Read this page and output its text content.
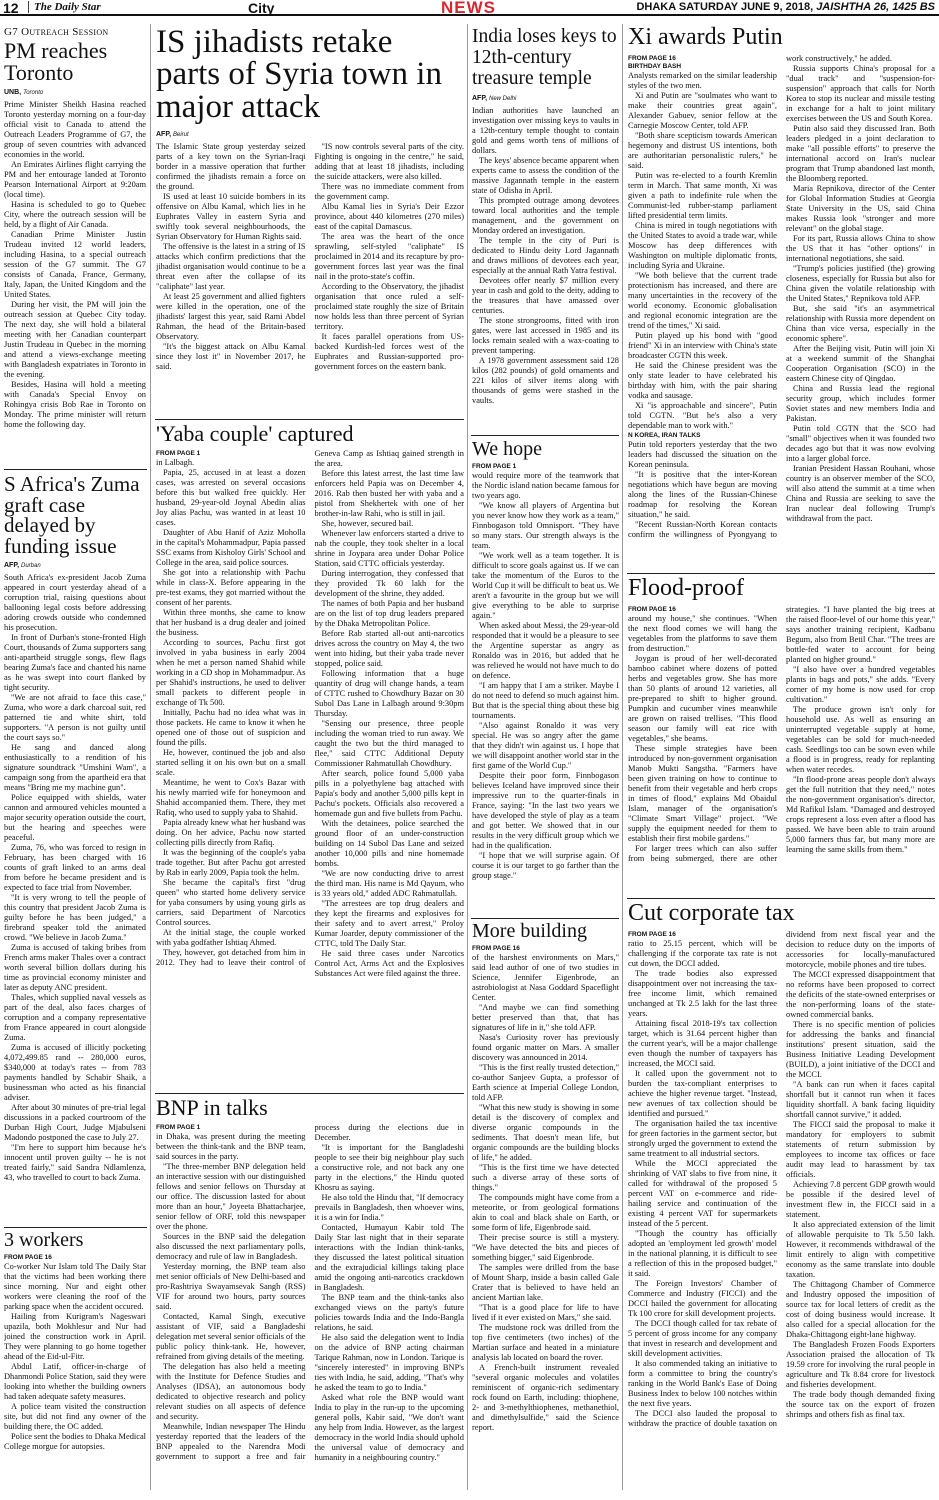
12	The Daily Star	City	NEWS	DHAKA SATURDAY JUNE 9, 2018, JAISHTHA 26, 1425 BS
G7 Outreach Session
PM reaches Toronto
UNB, Toronto

Prime Minister Sheikh Hasina reached Toronto yesterday morning on a four-day official visit to Canada to attend the Outreach Leaders Programme of G7, the group of seven countries with advanced economies in the world.

An Emirates Airlines flight carrying the PM and her entourage landed at Toronto Pearson International Airport at 9:20am (local time).

Hasina is scheduled to go to Quebec City, where the outreach session will be held, by a flight of Air Canada.

Canadian Prime Minister Justin Trudeau invited 12 world leaders, including Hasina, to a special outreach session of the G7 summit. The G7 consists of Canada, France, Germany, Italy, Japan, the United Kingdom and the United States.

During her visit, the PM will join the outreach session at Quebec City today. The next day, she will hold a bilateral meeting with her Canadian counterpart Justin Trudeau in Quebec in the morning and attend a views-exchange meeting with Bangladesh expatriates in Toronto in the evening.

Besides, Hasina will hold a meeting with Canada's Special Envoy on Rohingya crisis Bob Rae in Toronto on Monday. The prime minister will return home the following day.

S Africa's Zuma graft case delayed by funding issue
AFP, Durban

South Africa's ex-president Jacob Zuma appeared in court yesterday ahead of a corruption trial, raising questions about ballooning legal costs before addressing adoring crowds outside who condemned his prosecution.

In front of Durban's stone-fronted High Court, thousands of Zuma supporters sang anti-apartheid struggle songs, flew flags bearing Zuma's face and chanted his name as he was swept into court flanked by tight security.

"We are not afraid to face this case," Zuma, who wore a dark charcoal suit, red patterned tie and white shirt, told supporters. "A person is not guilty until the court says so."

He sang and danced along enthusiastically to a rendition of his signature soundtrack "Umshini Wam", a campaign song from the apartheid era that means "Bring me my machine gun".

Police equipped with shields, water cannon and armoured vehicles mounted a major security operation outside the court, but the hearing and speeches were peaceful.

Zuma, 76, who was forced to resign in February, has been charged with 16 counts of graft linked to an arms deal from before he became president and is expected to face trial from November.

"It is very wrong to tell the people of this country that president Jacob Zuma is guilty before he has been judged," a firebrand speaker told the animated crowd. "We believe in Jacob Zuma."

Zuma is accused of taking bribes from French arms maker Thales over a contract worth several billion dollars during his time as provincial economy minister and later as deputy ANC president.

Thales, which supplied naval vessels as part of the deal, also faces charges of corruption and a company representative from France appeared in court alongside Zuma.

Zuma is accused of illicitly pocketing 4,072,499.85 rand -- 280,000 euros, $340,000 at today's rates -- from 783 payments handled by Schabir Shaik, a businessman who acted as his financial adviser.

After about 30 minutes of pre-trial legal discussions in a packed courtroom of the Durban High Court, Judge Mjabulseni Madondo postponed the case to July 27.

"I'm here to support him because he's innocent until proven guilty -- he is not treated fairly," said Sandra Ndlamlenza, 43, who travelled to court to back Zuma.

3 workers
FROM PAGE 16

Co-worker Nur Islam told The Daily Star that the victims had been working there since morning. Nur and eight other workers were cleaning the roof of the parking space when the accident occured.

Hailing from Kurigram's Nageswari upazila, both Mokhlesur and Nur had joined the construction work in April. They were planning to go home together ahead of the Eid-ul-Fitr.

Abdul Latif, officer-in-charge of Dhanmondi Police Station, said they were looking into whether the building owners had taken adequate safety measures.

A police team visited the construction site, but did not find any owner of the building there, the OC added.

Police sent the bodies to Dhaka Medical College morgue for autopsies.

IS jihadists retake parts of Syria town in major attack
AFP, Beirut

The Islamic State group yesterday seized parts of a key town on the Syrian-Iraqi border in a massive operation that further confirmed the jihadists remain a force on the ground.

IS used at least 10 suicide bombers in its offensive on Albu Kamal, which lies in he Euphrates Valley in eastern Syria and swiftly took several neighbourhoods, the Syrian Observatory for Human Rights said.

The offensive is the latest in a string of IS attacks which confirm predictions that the jihadist organisation would continue to be a threat even after the collapse of its "caliphate" last year.

At least 25 government and allied fighters were killed in the operation, one of the jihadists' largest this year, said Rami Abdel Rahman, the head of the Britain-based Observatory.

"It's the biggest attack on Albu Kamal since they lost it" in November 2017, he said.

"IS now controls several parts of the city. Fighting is ongoing in the centre," he said, adding that at least 18 jihadists, including the suicide attackers, were also killed.

There was no immediate comment from the government camp.

Albu Kamal lies in Syria's Deir Ezzor province, about 440 kilometres (270 miles) east of the capital Damascus.

The area was the heart of the once sprawling, self-styled "caliphate" IS proclaimed in 2014 and its recapture by pro-government forces last year was the final nail in the proto-state's coffin.

According to the Observatory, the jihadist organisation that once ruled a self-proclaimed state roughly the size of Britain now holds less than three percent of Syrian territory.

It faces parallel operations from US-backed Kurdish-led forces west of the Euphrates and Russian-supported pro-government forces on the eastern bank.

'Yaba couple' captured
FROM PAGE 1

in Lalbagh.

Papia, 25, accused in at least a dozen cases, was arrested on several occasions before this but walked free quickly. Her husband, 29-year-old Joynal Abedin alias Joy alias Pachu, was wanted in at least 10 cases.

Daughter of Abu Hanif of Aziz Moholla in the capital's Mohammadpur, Papia passed SSC exams from Kisholoy Girls' School and College in the area, said police sources.

She got into a relationship with Pachu while in class-X. Before appearing in the pre-test exams, they got married without the consent of her parents.

Within three months, she came to know that her husband is a drug dealer and joined the business.

According to sources, Pachu first got involved in yaba business in early 2004 when he met a person named Shahid while working in a CD shop in Mohammadpur. As per Shahid's instructions, he used to deliver small packets to different people in exchange of Tk 500.

Initially, Pachu had no idea what was in those packets. He came to know it when he opened one of those out of suspicion and found the pills.

He, however, continued the job and also started selling it on his own but on a small scale.

Meantime, he went to Cox's Bazar with his newly married wife for honeymoon and Shahid accompanied them. There, they met Rafiq, who used to supply yaba to Shahid.

Papia already knew what her husband was doing. On her advice, Pachu now started collecting pills directly from Rafiq.

It was the beginning of the couple's yaba trade together. But after Pachu got arrested by Rab in early 2009, Papia took the helm.

She became the capital's first "drug queen" who started home delivery service for yaba consumers by using young girls as carriers, said Department of Narcotics Control sources.

At the initial stage, the couple worked with yaba godfather Ishtiaq Ahmed.

They, however, got detached from him in 2012. They had to leave their control of Geneva Camp as Ishtiaq gained strength in the area.

Before this latest arrest, the last time law enforcers held Papia was on December 4, 2016. Rab then busted her with yaba and a pistol from Shekhertek with one of her brother-in-law Rahi, who is still in jail.

She, however, secured bail.

Whenever law enforcers started a drive to nab the couple, they took shelter in a local shrine in Joypara area under Dohar Police Station, said CTTC officials yesterday.

During interrogation, they confessed that they provided Tk 60 lakh for the development of the shrine, they added.

The names of both Papia and her husband are on the list of top drug leaders prepared by the Dhaka Metropolitan Police.

Before Rab started all-out anti-narcotics drives across the country on May 4, the two went into hiding, but their yaba trade never stopped, police said.

Following information that a huge quantity of drug will change hands, a team of CTTC rushed to Chowdhury Bazar on 30 Subol Das Lane in Lalbagh around 9:30pm Thursday.

"Sensing our presence, three people including the woman tried to run away. We caught the two but the third managed to flee," said CTTC Additional Deputy Commissioner Rahmatullah Chowdhury.

After search, police found 5,000 yaba pills in a polyethylene bag attached with Papia's body and another 5,000 pills kept in Pachu's pockets. Officials also recovered a homemade gun and five bullets from Pachu.

With the detainees, police searched the ground floor of an under-construction building on 14 Subol Das Lane and seized another 10,000 pills and nine homemade bombs.

"We are now conducting drive to arrest the third man. His name is Md Qayum, who is 33 years old," added ADC Rahmatullah.

"The arrestees are top drug dealers and they kept the firearms and explosives for their safety and to avert arrest," Proloy Kumar Joarder, deputy commissioner of the CTTC, told The Daily Star.

He said three cases under Narcotics Control Act, Arms Act and the Explosives Substances Act were filed against the three.

BNP in talks
FROM PAGE 1

in Dhaka, was present during the meeting between the think-tank and the BNP team, said sources in the party.

"The three-member BNP delegation held an interactive session with our distinguished fellows and senior fellows on Thursday at our office. The discussion lasted for about more than an hour," Joyeeta Bhattacharjee, senior fellow of ORF, told this newspaper over the phone.

Sources in the BNP said the delegation also discussed the next parliamentary polls, democracy and rule of law in Bangladesh.

Yesterday morning, the BNP team also met senior officials of New Delhi-based and pro-Rashtriya Swayamsevak Sangh (RSS) VIF for around two hours, party sources said.

Contacted, Kamal Singh, executive assistant of VIF, said a Bangladeshi delegation met several senior officials of the public policy think-tank. He, however, refrained from giving details of the meeting.

The delegation has also held a meeting with the Institute for Defence Studies and Analyses (IDSA), an autonomous body dedicated to objective research and policy relevant studies on all aspects of defence and security.

Meanwhile, Indian newspaper The Hindu yesterday reported that the leaders of the BNP appealed to the Narendra Modi government to support a free and fair process during the elections due in December.

"It is important for the Bangladeshi people to see their big neighbour play such a constructive role, and not back any one party in the elections," the Hindu quoted Khosru as saying.

He also told the Hindu that, "If democracy prevails in Bangladesh, then whoever wins, it is a win for India."

Contacted, Humayun Kabir told The Daily Star last night that in their separate interactions with the Indian think-tanks, they discussed the latest political situation and the extrajudicial killings taking place amid the ongoing anti-narcotics crackdown in Bangladesh.

The BNP team and the think-tanks also exchanged views on the party's future policies towards India and the Indo-Bangla relations, he said.

He also said the delegation went to India on the advice of BNP acting chairman Tarique Rahman, now in London. Tarique is "sincerely interested" in improving BNP's ties with India, he said, adding, "That's why he asked the team to go to India."

Asked what role the BNP would want India to play in the run-up to the upcoming general polls, Kabir said, "We don't want any help from India. However, as the largest democracy in the world India should uphold the universal value of democracy and humanity in a neighbouring country."

India loses keys to 12th-century treasure temple
AFP, New Delhi

Indian authorities have launched an investigation over missing keys to vaults in a 12th-century temple thought to contain gold and gems worth tens of millions of dollars.

The keys' absence became apparent when experts came to assess the condition of the massive Jagannath temple in the eastern state of Odisha in April.

This prompted outrage among devotees toward local authorities and the temple management, and the government on Monday ordered an investigation.

The temple in the city of Puri is dedicated to Hindu deity Lord Jagannath and draws millions of devotees each year, especially at the annual Rath Yatra festival.

Devotees offer nearly $7 million every year in cash and gold to the deity, adding to the treasures that have amassed over centuries.

The stone strongrooms, fitted with iron gates, were last accessed in 1985 and its locks remain sealed with a wax-coating to prevent tampering.

A 1978 government assessment said 128 kilos (282 pounds) of gold ornaments and 221 kilos of silver items along with thousands of gems were stashed in the vaults.

We hope
FROM PAGE 1

would require more of the teamwork that the Nordic island nation became famous for two years ago.

"We know all players of Argentina but you never know how they work as a team," Finnbogason told Omnisport. "They have so many stars. Our strength always is the team.

"We work well as a team together. It is difficult to score goals against us. If we can take the momentum of the Euros to the World Cup it will be difficult to beat us. We aren't a favourite in the group but we will give everything to be able to surprise again."

When asked about Messi, the 29-year-old responded that it would be a pleasure to see the Argentine superstar as angry as Ronaldo was in 2016, but added that he was relieved he would not have much to do on defence.

"I am happy that I am a striker. Maybe I do not need to defend so much against him. But that is the special thing about these big tournaments.

"Also against Ronaldo it was very special. He was so angry after the game that they didn't win against us. I hope that we will disappoint another world star in the first game of the World Cup."

Despite their poor form, Finnbogason believes Iceland have improved since their impressive run to the quarter-finals in France, saying: "In the last two years we have developed the style of play as a team and got better. We showed that in our results in the very difficult group which we had in the qualification.

"I hope that we will surprise again. Of course it is our target to go farther than the group stage."

More building
FROM PAGE 16

of the harshest environments on Mars," said lead author of one of two studies in Science, Jennifer Eigenbrode, an astrobiologist at Nasa Goddard Spaceflight Center.

"And maybe we can find something better preserved than that, that has signatures of life in it," she told AFP.

Nasa's Curiosity rover has previously found organic matter on Mars. A smaller discovery was announced in 2014.

"This is the first really trusted detection," co-author Sanjeev Gupta, a professor of Earth science at Imperial College London, told AFP.

"What this new study is showing in some detail is the discovery of complex and diverse organic compounds in the sediments. That doesn't mean life, but organic compounds are the building blocks of life," he added.

"This is the first time we have detected such a diverse array of these sorts of things."

The compounds might have come from a meteorite, or from geological formations akin to coal and black shale on Earth, or some form of life, Eigenbrode said.

Their precise source is still a mystery. "We have detected the bits and pieces of something bigger," said Eigenbrode.

The samples were drilled from the base of Mount Sharp, inside a basin called Gale Crater that is believed to have held an ancient Martian lake.

"That is a good place for life to have lived if it ever existed on Mars," she said.

The mudstone rock was drilled from the top five centimeters (two inches) of the Martian surface and heated in a miniature analysis lab located on board the rover.

A French-built instrument revealed "several organic molecules and volatiles reminiscent of organic-rich sedimentary rock found on Earth, including: thiophene, 2- and 3-methylthiophenes, methanethiol, and dimethylsulfide," said the Science report.

Xi awards Putin
FROM PAGE 16
BIRTHDAY BASH

Analysts remarked on the similar leadership styles of the two men.

Xi and Putin are "soulmates who want to make their countries great again", Alexander Gabuev, senior fellow at the Carnegie Moscow Center, told AFP.

"Both share scepticism towards American hegemony and distrust US intentions, both are authoritarian personalistic rulers," he said.

Putin was re-elected to a fourth Kremlin term in March. That same month, Xi was given a path to indefinite rule when the Communist-led rubber-stamp parliament lifted presidential term limits.

China is mired in tough negotiations with the United States to avoid a trade war, while Moscow has deep differences with Washington on multiple diplomatic fronts, including Syria and Ukraine.

"We both believe that the current trade protectionism has increased, and there are many uncertainties in the recovery of the world economy. Economic globalisation and regional economic integration are the trend of the times," Xi said.

Putin played up his bond with "good friend" Xi in an interview with China's state broadcaster CGTN this week.

He said the Chinese president was the only state leader to have celebrated his birthday with him, with the pair sharing vodka and sausage.

Xi "is approachable and sincere", Putin told CGTN. "But he's also a very dependable man to work with."

N KOREA, IRAN TALKS

Putin told reporters yesterday that the two leaders had discussed the situation on the Korean peninsula.

"It is positive that the inter-Korean negotiations which have begun are moving along the lines of the Russian-Chinese roadmap for resolving the Korean situation," he said.

"Recent Russian-North Korean contacts confirm the willingness of Pyongyang to work constructively," he added.

Russia supports China's proposal for a "dual track" and "suspension-for-suspension" approach that calls for North Korea to stop its nuclear and missile testing in exchange for a halt to joint military exercises between the US and South Korea.

Putin also said they discussed Iran. Both leaders pledged in a joint declaration to make "all possible efforts" to preserve the international accord on Iran's nuclear program that Trump abandoned last month, the Bloomberg reported.

Maria Repnikova, director of the Center for Global Information Studies at Georgia State University in the US, said China makes Russia look "stronger and more relevant" on the global stage.

For its part, Russia allows China to show the US that it has "other options" in international negotiations, she said.

"Trump's policies justified (the) growing closeness, especially for Russia but also for China given the volatile relationship with the United States," Repnikova told AFP.

But, she said "it's an asymmetrical relationship with Russia more dependent on China than vice versa, especially in the economic sphere".

After the Beijing visit, Putin will join Xi at a weekend summit of the Shanghai Cooperation Organisation (SCO) in the eastern Chinese city of Qingdao.

China and Russia lead the regional security group, which includes former Soviet states and new members India and Pakistan.

Putin told CGTN that the SCO had "small" objectives when it was founded two decades ago but that it was now evolving into a larger global force.

Iranian President Hassan Rouhani, whose country is an observer member of the SCO, will also attend the summit at a time when China and Russia are seeking to save the Iran nuclear deal following Trump's withdrawal from the pact.

Flood-proof
FROM PAGE 16

around my house," she continues. "When the next flood comes we will hang the vegetables from the platforms to save them from destruction."

Joygan is proud of her well-decorated bamboo cabinet where dozens of potted herbs and vegetables grow. She has more than 50 plants of around 12 varieties, all pre-prepared to shift to higher ground. Pumpkin and cucumber vines meanwhile are grown on raised trellises. "This flood season our family will eat rice with vegetables," she beams.

These simple strategies have been introduced by non-government organisation Manob Mukti Sangstha. "Farmers have been given training on how to continue to benefit from their vegetable and herb crops in times of flood," explains Md Obaidul Islam, manager of the organisation's "Climate Smart Village" project. "We supply the equipment needed for them to establish their first mobile gardens."

For larger trees which can also suffer from being submerged, there are other strategies. "I have planted the big trees at the raised floor-level of our home this year," says another training recipient, Kadbanu Begum, also from Betil Char. "The trees are bottle-fed water to account for being planted on higher ground."

"I also have over a hundred vegetables plants in bags and pots," she adds. "Every corner of my home is now used for crop cultivation."

The produce grown isn't only for household use. As well as ensuring an uninterrupted vegetable supply at home, vegetables can be sold for much-needed cash. Seedlings too can be sown even while a flood is in progress, ready for replanting when water recedes.

"In flood-prone areas people don't always get the full nutrition that they need," notes the non-government organisation's director, Md Rafikul Islam. "Damaged and destroyed crops represent a loss even after a flood has passed. We have been able to train around 5,000 farmers thus far, but many more are learning the same skills from them."

Cut corporate tax
FROM PAGE 16

ratio to 25.15 percent, which will be challenging if the corporate tax rate is not cut down, the DCCI added.

The trade bodies also expressed disappointment over not increasing the tax-free income limit, which remained unchanged at Tk 2.5 lakh for the last three years.

Attaining fiscal 2018-19's tax collection target, which is 31.64 percent higher than the current year's, will be a major challenge even though the number of taxpayers has increased, the MCCI said.

It called upon the government not to burden the tax-compliant enterprises to achieve the higher revenue target. "Instead, new avenues of tax collection should be identified and pursued."

The organisation hailed the tax incentive for green factories in the garment sector, but strongly urged the government to extend the same treatment to all industrial sectors.

While the MCCI appreciated the shrinking of VAT slabs to five from nine, it called for withdrawal of the proposed 5 percent VAT on e-commerce and ride-hailing service and continuation of the existing 4 percent VAT for supermarkets instead of the 5 percent.

"Though the country has officially adopted an 'employment led growth' model in the national planning, it is difficult to see a reflection of this in the proposed budget," it said.

The Foreign Investors' Chamber of Commerce and Industry (FICCI) and the DCCI hailed the government for allocating Tk 100 crore for skill development projects.

The DCCI though called for tax rebate of 5 percent of gross income for any company that invest in research and development and skill development activities.

It also commended taking an initiative to form a committee to bring the country's ranking in the World Bank's Ease of Doing Business Index to below 100 notches within the next five years.

The DCCI also lauded the proposal to withdraw the practice of double taxation on dividend from next fiscal year and the decision to reduce duty on the imports of accessories for locally-manufactured motorcycle, mobile phones and tire tubes.

The MCCI expressed disappointment that no reforms have been proposed to correct the deficits of the state-owned enterprises or the non-performing loans of the state-owned commercial banks.

There is no specific mention of policies for addressing the banks and financial institutions' present situation, said the Business Initiative Leading Development (BUILD), a joint initiative of the DCCI and the MCCI.

"A bank can run when it faces capital shortfall but it cannot run when it faces liquidity shortfall. A bank facing liquidity shortfall cannot survive," it added.

The FICCI said the proposal to make it mandatory for employers to submit statements of return submission by employees to income tax offices or face audit may lead to harassment by tax officials.

Achieving 7.8 percent GDP growth would be possible if the desired level of investment flew in, the FICCI said in a statement.

It also appreciated extension of the limit of allowable perquisite to Tk 5.50 lakh. However, it recommends withdrawal of the limit entirely to align with competitive economy as the same translate into double taxation.

The Chittagong Chamber of Commerce and Industry opposed the imposition of source tax for local letters of credit as the cost of doing business would increase. It also called for a special allocation for the Dhaka-Chittagong eight-lane highway.

The Bangladesh Frozen Foods Exporters Association praised the allocation of Tk 19.59 crore for involving the rural people in agriculture and Tk 8.84 crore for livestock and fisheries development.

The trade body though demanded fixing the source tax on the export of frozen shrimps and others fish as final tax.
